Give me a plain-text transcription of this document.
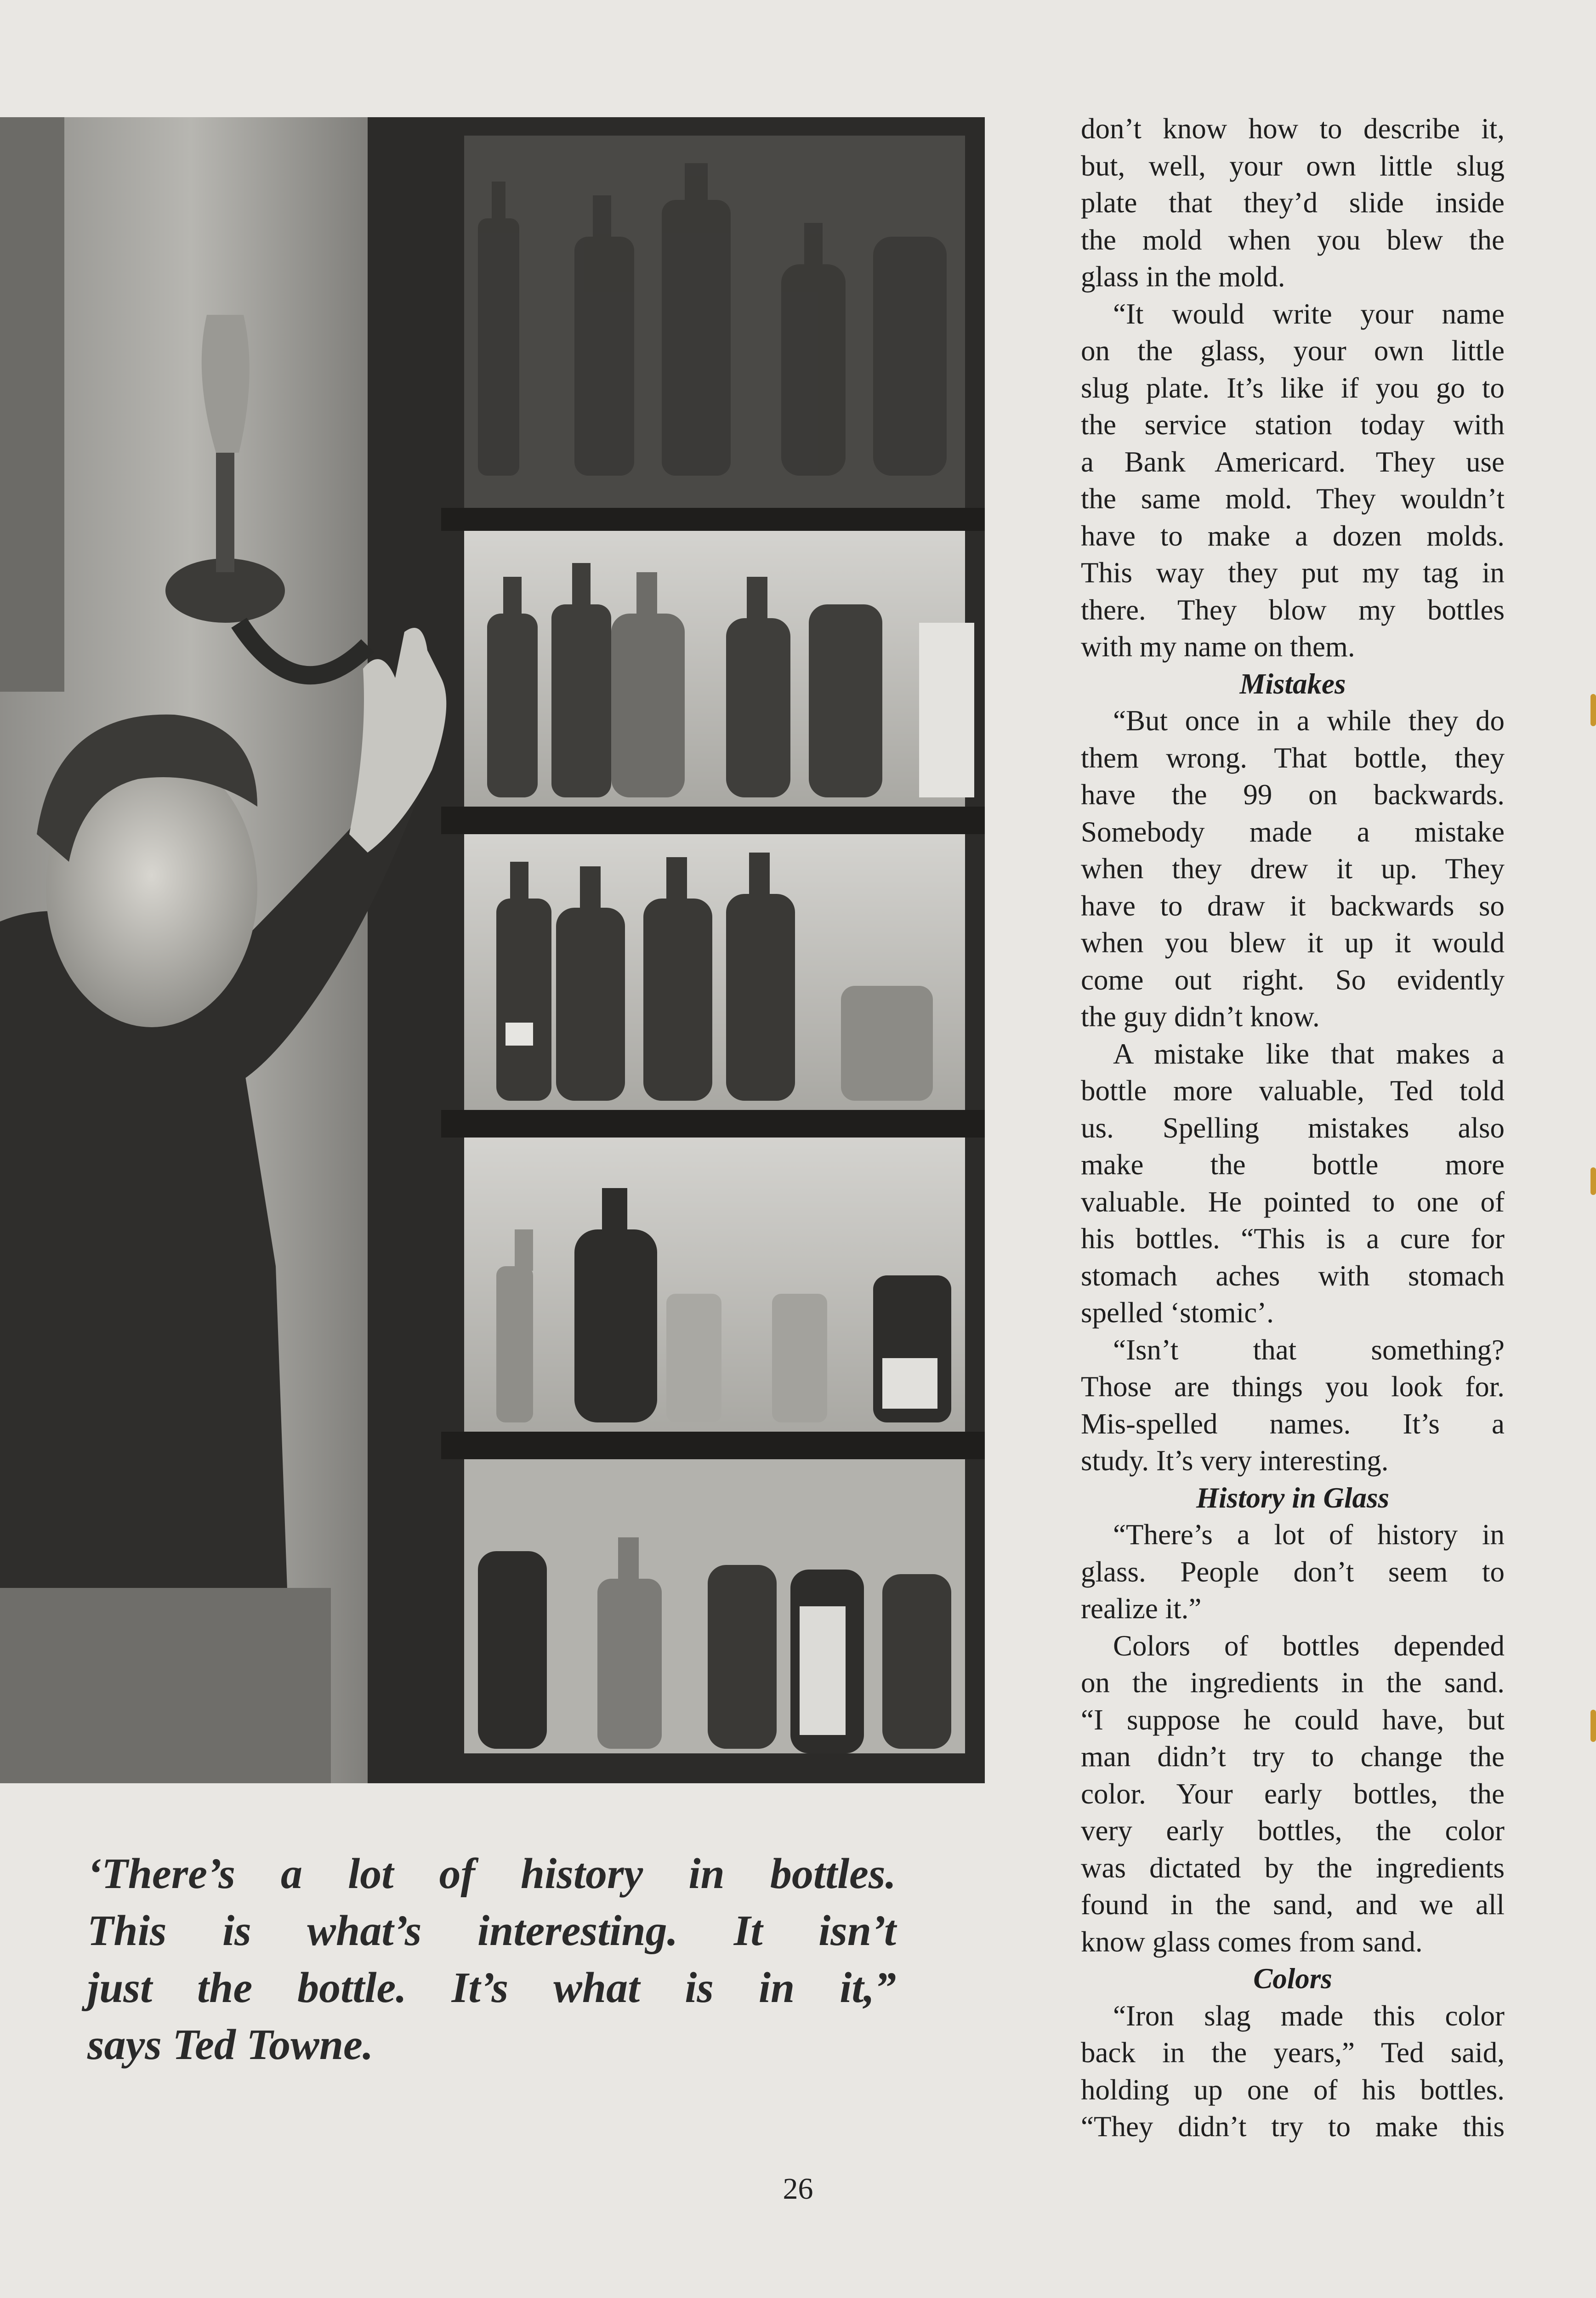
‘There’s a lot of history in bottles.
This is what’s interesting. It isn’t
just the bottle. It’s what is in it,”
says Ted Towne.

don’t know how to describe it,
but, well, your own little slug
plate that they’d slide inside
the mold when you blew the
glass in the mold.

“It would write your name
on the glass, your own little
slug plate. It’s like if you go to
the service station today with
a Bank Americard. They use
the same mold. They wouldn’t
have to make a dozen molds.
This way they put my tag in
there. They blow my bottles
with my name on them.

Mistakes

“But once in a while they do
them wrong. That bottle, they
have the 99 on backwards.
Somebody made a mistake
when they drew it up. They
have to draw it backwards so
when you blew it up it would
come out right. So evidently
the guy didn’t know.

A mistake like that makes a
bottle more valuable, Ted told
us. Spelling mistakes also
make the bottle more
valuable. He pointed to one of
his bottles. “This is a cure for
stomach aches with stomach
spelled ‘stomic’.

“Isn’t that something?
Those are things you look for.
Mis-spelled names. It’s a
study. It’s very interesting.

History in Glass

“There’s a lot of history in
glass. People don’t seem to
realize it.”

Colors of bottles depended
on the ingredients in the sand.
“I suppose he could have, but
man didn’t try to change the
color. Your early bottles, the
very early bottles, the color
was dictated by the ingredients
found in the sand, and we all
know glass comes from sand.

Colors

“Iron slag made this color
back in the years,” Ted said,
holding up one of his bottles.
“They didn’t try to make this

26
